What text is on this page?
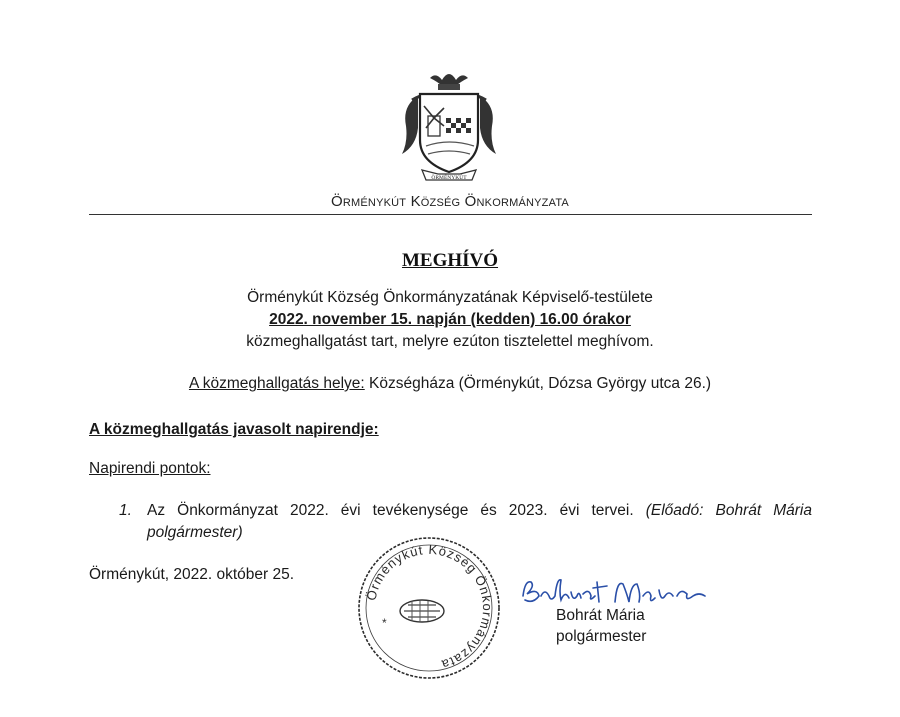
ÖRMÉNYKÚT
Örménykút Község Önkormányzata
MEGHÍVÓ
Örménykút Község Önkormányzatának Képviselő-testülete
2022. november 15. napján (kedden) 16.00 órakor
közmeghallgatást tart, melyre ezúton tisztelettel meghívom.
A közmeghallgatás helye: Községháza (Örménykút, Dózsa György utca 26.)
A közmeghallgatás javasolt napirendje:
Napirendi pontok:
1. Az Önkormányzat 2022. évi tevékenysége és 2023. évi tervei. (Előadó: Bohrát Mária polgármester)
Örménykút, 2022. október 25.
Örménykút Község Önkormányzata
*	Bohrát Mária
polgármester
